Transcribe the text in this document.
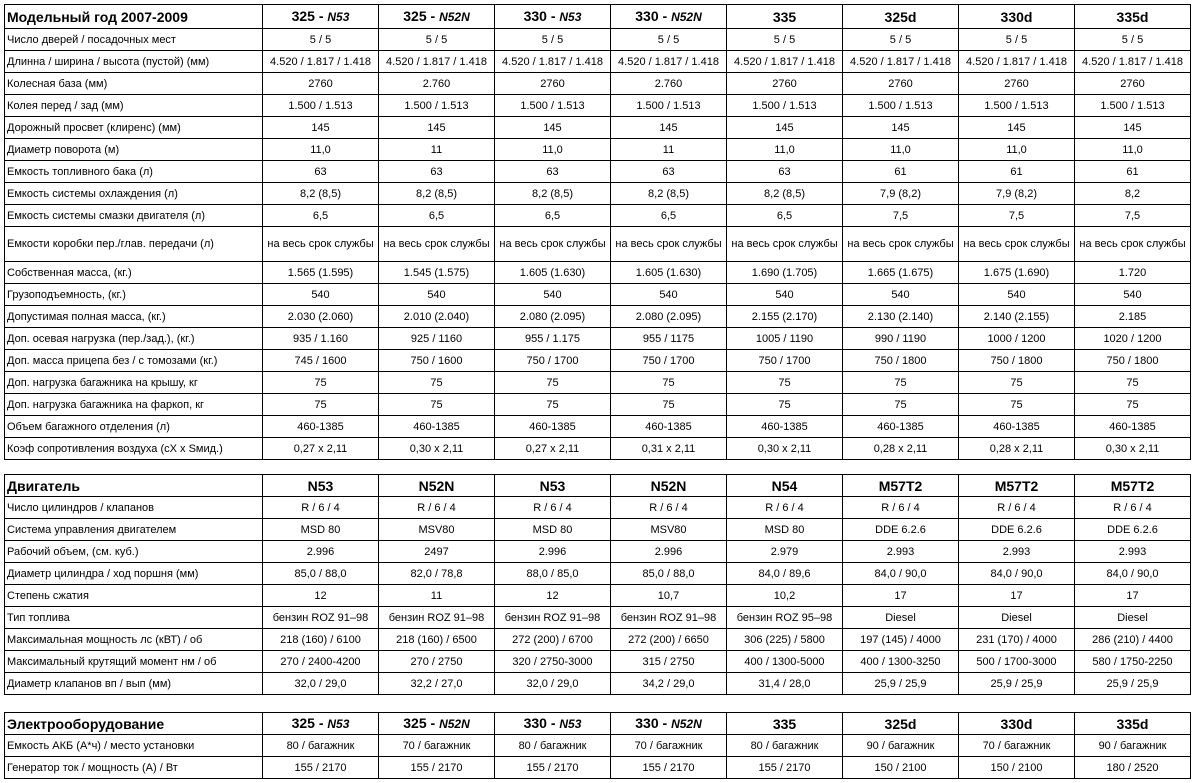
Модельный год 2007-2009	325 - N53	325 - N52N	330 - N53	330 - N52N	335	325d	330d	335d
Число дверей / посадочных мест	5 / 5	5 / 5	5 / 5	5 / 5	5 / 5	5 / 5	5 / 5	5 / 5
Длинна / ширина / высота (пустой) (мм)	4.520 / 1.817 / 1.418	4.520 / 1.817 / 1.418	4.520 / 1.817 / 1.418	4.520 / 1.817 / 1.418	4.520 / 1.817 / 1.418	4.520 / 1.817 / 1.418	4.520 / 1.817 / 1.418	4.520 / 1.817 / 1.418
Колесная база (мм)	2760	2.760	2760	2.760	2760	2760	2760	2760
Колея перед / зад (мм)	1.500 / 1.513	1.500 / 1.513	1.500 / 1.513	1.500 / 1.513	1.500 / 1.513	1.500 / 1.513	1.500 / 1.513	1.500 / 1.513
Дорожный просвет (клиренс) (мм)	145	145	145	145	145	145	145	145
Диаметр поворота (м)	11,0	11	11,0	11	11,0	11,0	11,0	11,0
Емкость топливного бака (л)	63	63	63	63	63	61	61	61
Емкость системы охлаждения (л)	8,2 (8,5)	8,2 (8,5)	8,2 (8,5)	8,2 (8,5)	8,2 (8,5)	7,9 (8,2)	7,9 (8,2)	8,2
Емкость системы смазки двигателя (л)	6,5	6,5	6,5	6,5	6,5	7,5	7,5	7,5
Емкости коробки пер./глав. передачи (л)	на весь срок службы	на весь срок службы	на весь срок службы	на весь срок службы	на весь срок службы	на весь срок службы	на весь срок службы	на весь срок службы
Собственная масса, (кг.)	1.565 (1.595)	1.545 (1.575)	1.605 (1.630)	1.605 (1.630)	1.690 (1.705)	1.665 (1.675)	1.675 (1.690)	1.720
Грузоподъемность, (кг.)	540	540	540	540	540	540	540	540
Допустимая полная масса, (кг.)	2.030 (2.060)	2.010 (2.040)	2.080 (2.095)	2.080 (2.095)	2.155 (2.170)	2.130 (2.140)	2.140 (2.155)	2.185
Доп. осевая нагрузка (пер./зад.), (кг.)	935 / 1.160	925 / 1160	955 / 1.175	955 / 1175	1005 / 1190	990 / 1190	1000 / 1200	1020 / 1200
Доп. масса прицепа без / с томозами (кг.)	745 / 1600	750 / 1600	750 / 1700	750 / 1700	750 / 1700	750 / 1800	750 / 1800	750 / 1800
Доп. нагрузка багажника на крышу, кг	75	75	75	75	75	75	75	75
Доп. нагрузка багажника на фаркоп, кг	75	75	75	75	75	75	75	75
Объем багажного отделения (л)	460-1385	460-1385	460-1385	460-1385	460-1385	460-1385	460-1385	460-1385
Коэф сопротивления воздуха (cX x Sмид.)	0,27 x 2,11	0,30 x 2,11	0,27 x 2,11	0,31 x 2,11	0,30 x 2,11	0,28 x 2,11	0,28 x 2,11	0,30 x 2,11
Двигатель	N53	N52N	N53	N52N	N54	M57T2	M57T2	M57T2
Число цилиндров / клапанов	R / 6 / 4	R / 6 / 4	R / 6 / 4	R / 6 / 4	R / 6 / 4	R / 6 / 4	R / 6 / 4	R / 6 / 4
Система управления двигателем	MSD 80	MSV80	MSD 80	MSV80	MSD 80	DDE 6.2.6	DDE 6.2.6	DDE 6.2.6
Рабочий объем, (см. куб.)	2.996	2497	2.996	2.996	2.979	2.993	2.993	2.993
Диаметр цилиндра / ход поршня (мм)	85,0 / 88,0	82,0 / 78,8	88,0 / 85,0	85,0 / 88,0	84,0 / 89,6	84,0 / 90,0	84,0 / 90,0	84,0 / 90,0
Степень сжатия	12	11	12	10,7	10,2	17	17	17
Тип топлива	бензин ROZ 91–98	бензин ROZ 91–98	бензин ROZ 91–98	бензин ROZ 91–98	бензин ROZ 95–98	Diesel	Diesel	Diesel
Максимальная мощность лс (кВТ) / об	218 (160) / 6100	218 (160) / 6500	272 (200) / 6700	272 (200) / 6650	306 (225) / 5800	197 (145) / 4000	231 (170) / 4000	286 (210) / 4400
Максимальный крутящий момент нм / об	270 / 2400-4200	270 / 2750	320 / 2750-3000	315 / 2750	400 / 1300-5000	400 / 1300-3250	500 / 1700-3000	580 / 1750-2250
Диаметр клапанов вп / вып (мм)	32,0 / 29,0	32,2 / 27,0	32,0 / 29,0	34,2 / 29,0	31,4 / 28,0	25,9 / 25,9	25,9 / 25,9	25,9 / 25,9
Электрооборудование	325 - N53	325 - N52N	330 - N53	330 - N52N	335	325d	330d	335d
Емкость АКБ (А*ч) / место установки	80 / багажник	70 / багажник	80 / багажник	70 / багажник	80 / багажник	90 / багажник	70 / багажник	90 / багажник
Генератор ток / мощность (А) / Вт	155 / 2170	155 / 2170	155 / 2170	155 / 2170	155 / 2170	150 / 2100	150 / 2100	180 / 2520
